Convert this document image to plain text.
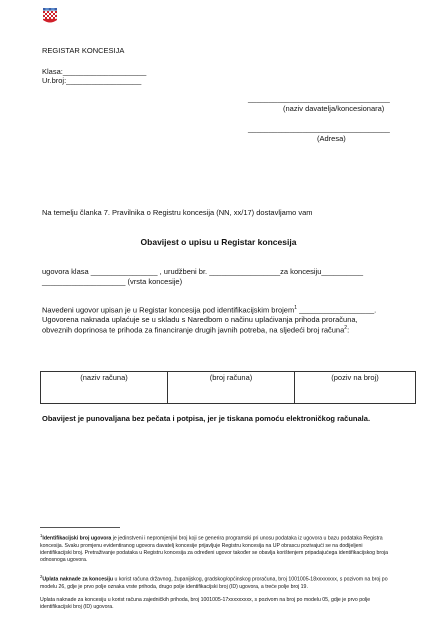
REGISTAR KONCESIJA
Klasa:____________________
Ur.broj:__________________
__________________________________
(naziv davatelja/koncesionara)
__________________________________
(Adresa)
Na temelju članka 7. Pravilnika o Registru koncesija (NN, xx/17) dostavljamo vam
Obavijest o upisu u Registar koncesija
ugovora klasa ________________ , urudžbeni br. _________________za koncesiju__________
____________________ (vrsta koncesije)
Navedeni ugovor upisan je u Registar koncesija pod identifikacijskim brojem$^1$ __________________.
Ugovorena naknada uplaćuje se u skladu s Naredbom o načinu uplaćivanja prihoda proračuna,
obveznih doprinosa te prihoda za financiranje drugih javnih potreba, na sljedeći broj računa$^2$:
(naziv računa)	(broj računa)	(poziv na broj)
Obavijest je punovaljana bez pečata i potpisa, jer je tiskana pomoću elektroničkog računala.
$^1$Identifikacijski broj ugovora je jedinstveni i nepromjenjivi broj koji se generira programski pri unosu podataka iz ugovora u bazu podataka Registra koncesija. Svaku promjenu evidentiranog ugovora davatelj koncesije prijavljuje Registru koncesija na UP obrascu pozivajući se na dodijeljeni identifikacijski broj. Pretraživanje podataka u Registru koncesija za određeni ugovor također se obavlja korištenjem pripadajućega identifikacijskog broja odnosnoga ugovora.
$^2$Uplata naknade za koncesiju u korist računa državnog, županijskog, gradskog/općinskog proračuna, broj 1001005-18xxxxxxxx, s pozivom na broj po modelu 26, gdje je prvo polje oznaka vrste prihoda, drugo polje identifikacijski broj (ID) ugovora, a treće polje broj 19.
Uplata naknade za koncesiju u korist računa zajedničkih prihoda, broj 1001005-17xxxxxxxxx, s pozivom na broj po modelu 05, gdje je prvo polje identifikacijski broj (ID) ugovora.
